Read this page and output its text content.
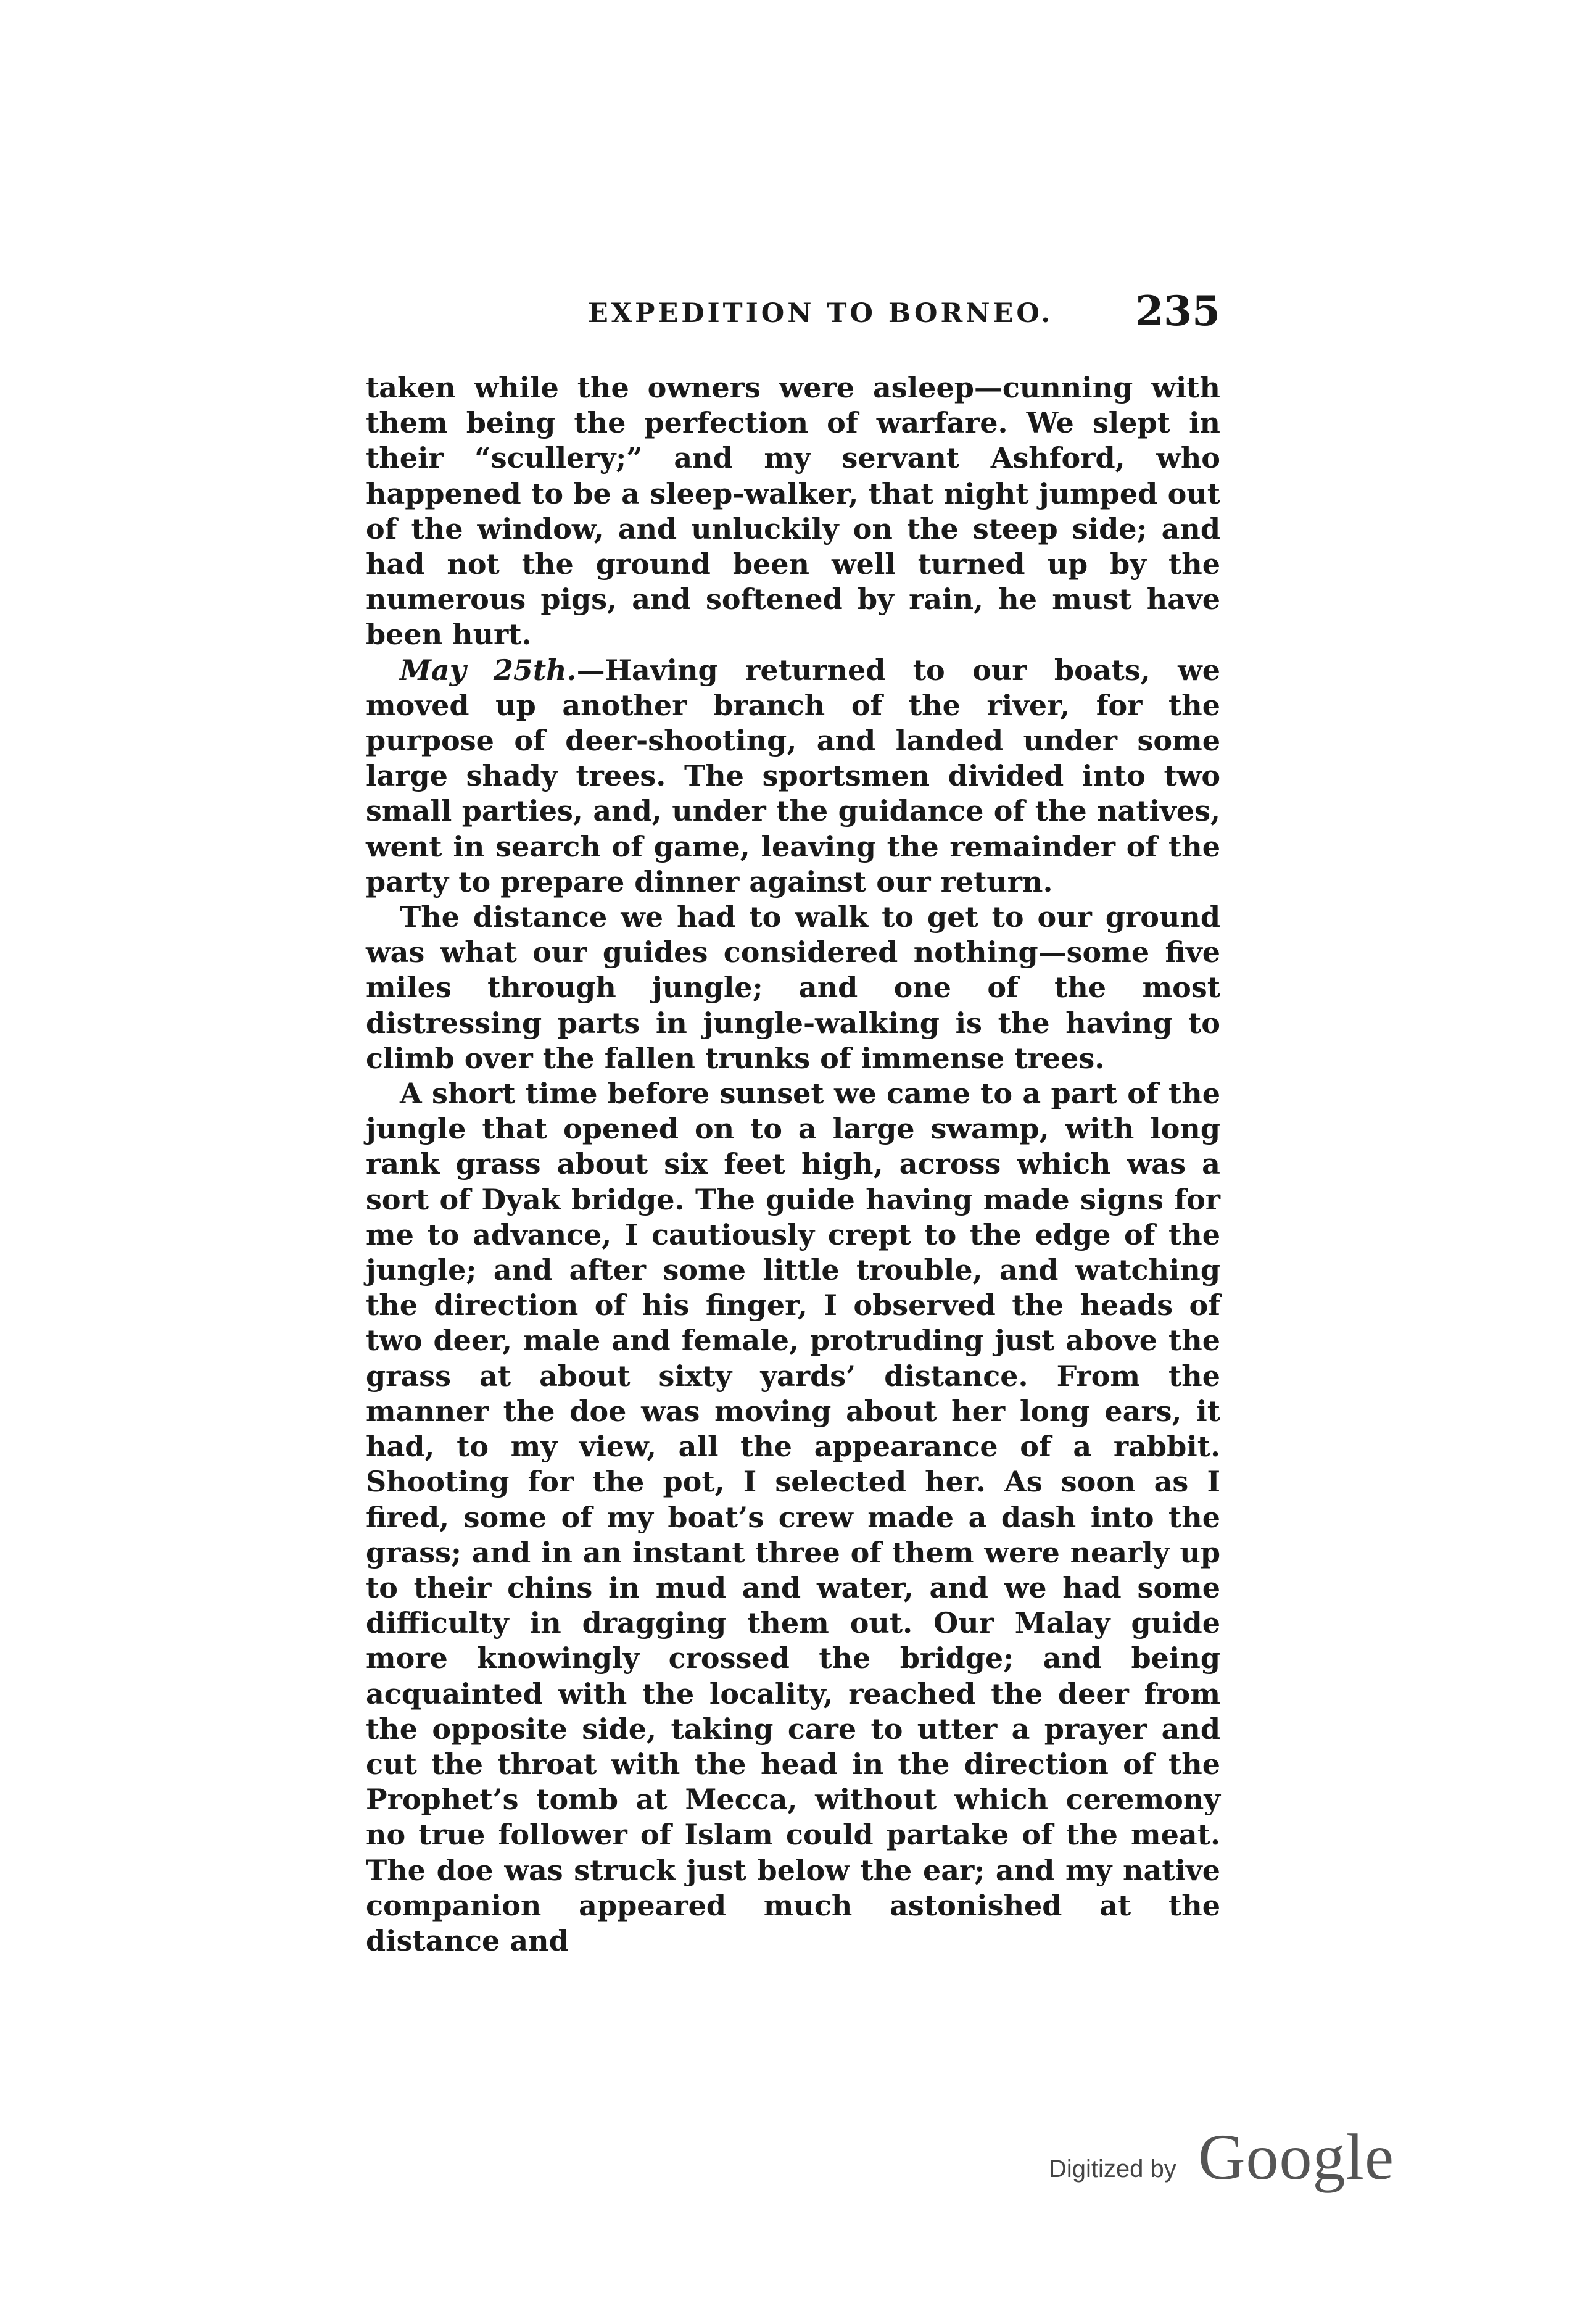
EXPEDITION TO BORNEO. 235

taken while the owners were asleep—cunning with them being the perfection of warfare. We slept in their “scullery;” and my servant Ashford, who happened to be a sleep-walker, that night jumped out of the window, and unluckily on the steep side; and had not the ground been well turned up by the numerous pigs, and softened by rain, he must have been hurt.

May 25th.—Having returned to our boats, we moved up another branch of the river, for the purpose of deer-shooting, and landed under some large shady trees. The sportsmen divided into two small parties, and, under the guidance of the natives, went in search of game, leaving the remainder of the party to prepare dinner against our return.

The distance we had to walk to get to our ground was what our guides considered nothing—some five miles through jungle; and one of the most distressing parts in jungle-walking is the having to climb over the fallen trunks of immense trees.

A short time before sunset we came to a part of the jungle that opened on to a large swamp, with long rank grass about six feet high, across which was a sort of Dyak bridge. The guide having made signs for me to advance, I cautiously crept to the edge of the jungle; and after some little trouble, and watching the direction of his finger, I observed the heads of two deer, male and female, protruding just above the grass at about sixty yards’ distance. From the manner the doe was moving about her long ears, it had, to my view, all the appearance of a rabbit. Shooting for the pot, I selected her. As soon as I fired, some of my boat’s crew made a dash into the grass; and in an instant three of them were nearly up to their chins in mud and water, and we had some difficulty in dragging them out. Our Malay guide more knowingly crossed the bridge; and being acquainted with the locality, reached the deer from the opposite side, taking care to utter a prayer and cut the throat with the head in the direction of the Prophet’s tomb at Mecca, without which ceremony no true follower of Islam could partake of the meat. The doe was struck just below the ear; and my native companion appeared much astonished at the distance and

Digitized by Google
